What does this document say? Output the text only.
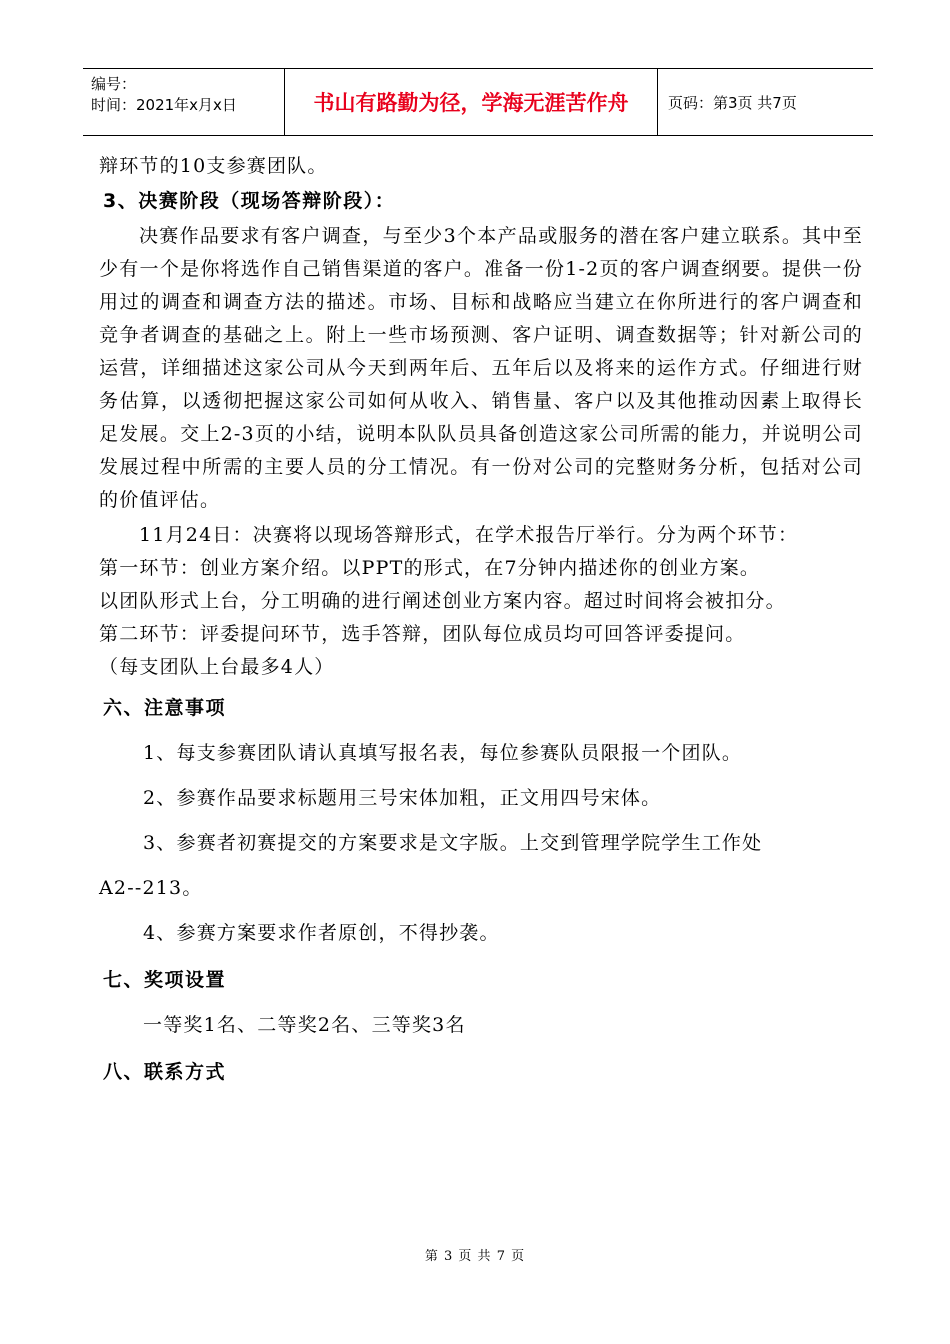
编号：
时间：2021年x月x日	书山有路勤为径，学海无涯苦作舟	页码：第3页 共7页

辩环节的10支参赛团队。

3、决赛阶段（现场答辩阶段）：

决赛作品要求有客户调查，与至少3个本产品或服务的潜在客户建立联系。其中至少有一个是你将选作自己销售渠道的客户。准备一份1-2页的客户调查纲要。提供一份用过的调查和调查方法的描述。市场、目标和战略应当建立在你所进行的客户调查和竞争者调查的基础之上。附上一些市场预测、客户证明、调查数据等；针对新公司的运营，详细描述这家公司从今天到两年后、五年后以及将来的运作方式。仔细进行财务估算，以透彻把握这家公司如何从收入、销售量、客户以及其他推动因素上取得长足发展。交上2-3页的小结，说明本队队员具备创造这家公司所需的能力，并说明公司发展过程中所需的主要人员的分工情况。有一份对公司的完整财务分析，包括对公司的价值评估。

11月24日：决赛将以现场答辩形式，在学术报告厅举行。分为两个环节：

第一环节：创业方案介绍。以PPT的形式，在7分钟内描述你的创业方案。

以团队形式上台，分工明确的进行阐述创业方案内容。超过时间将会被扣分。

第二环节：评委提问环节，选手答辩，团队每位成员均可回答评委提问。

（每支团队上台最多4人）

六、注意事项

1、每支参赛团队请认真填写报名表，每位参赛队员限报一个团队。

2、参赛作品要求标题用三号宋体加粗，正文用四号宋体。

3、参赛者初赛提交的方案要求是文字版。上交到管理学院学生工作处

A2--213。

4、参赛方案要求作者原创，不得抄袭。

七、奖项设置

一等奖1名、二等奖2名、三等奖3名

八、联系方式

第 3 页 共 7 页
